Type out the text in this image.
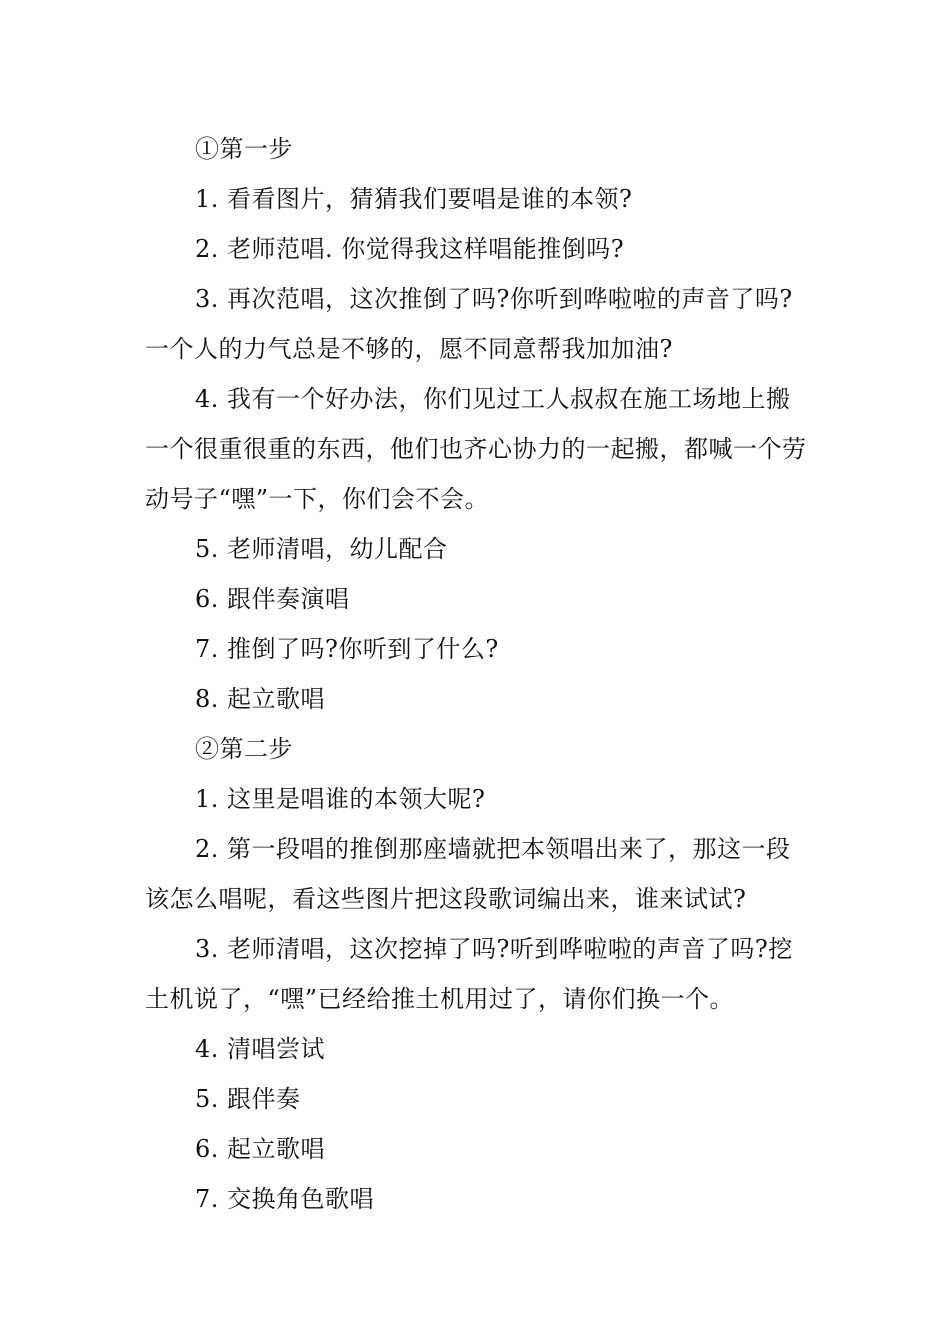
①第一步

1. 看看图片，猜猜我们要唱是谁的本领?

2. 老师范唱. 你觉得我这样唱能推倒吗?

3. 再次范唱，这次推倒了吗?你听到哗啦啦的声音了吗?一个人的力气总是不够的，愿不同意帮我加加油?

4. 我有一个好办法，你们见过工人叔叔在施工场地上搬一个很重很重的东西，他们也齐心协力的一起搬，都喊一个劳动号子“嘿”一下，你们会不会。

5. 老师清唱，幼儿配合

6. 跟伴奏演唱

7. 推倒了吗?你听到了什么?

8. 起立歌唱

②第二步

1. 这里是唱谁的本领大呢?

2. 第一段唱的推倒那座墙就把本领唱出来了，那这一段该怎么唱呢，看这些图片把这段歌词编出来，谁来试试?

3. 老师清唱，这次挖掉了吗?听到哗啦啦的声音了吗?挖土机说了，“嘿”已经给推土机用过了，请你们换一个。

4. 清唱尝试

5. 跟伴奏

6. 起立歌唱

7. 交换角色歌唱
